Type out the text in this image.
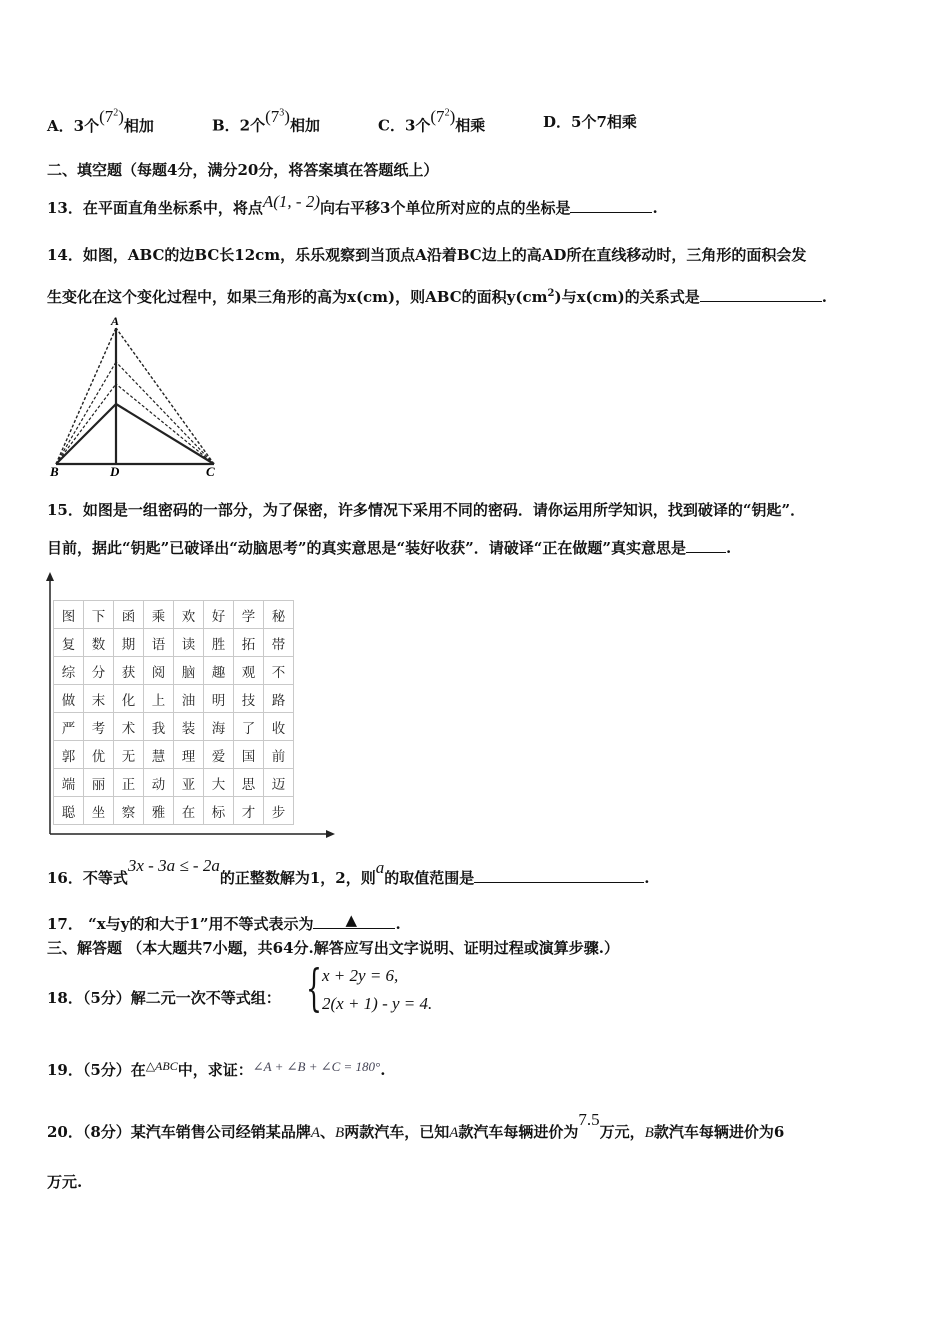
A．3个$(7^2)$相加	B．2个$(7^3)$相加	C．3个$(7^2)$相乘	D．5个7相乘
二、填空题（每题4分，满分20分，将答案填在答题纸上）
13．在平面直角坐标系中，将点A(1, - 2)向右平移3个单位所对应的点的坐标是	.
14．如图，ABC的边BC长12cm，乐乐观察到当顶点A沿着BC边上的高AD所在直线移动时，三角形的面积会发
生变化在这个变化过程中，如果三角形的高为x(cm)，则ABC的面积$y(cm^2)$与x(cm)的关系式是	.
A
B	D	C
15．如图是一组密码的一部分，为了保密，许多情况下采用不同的密码．请你运用所学知识，找到破译的“钥匙”．
目前，据此“钥匙”已破译出“动脑思考”的真实意思是“装好收获”．请破译“正在做题”真实意思是	.
图	下	函	乘	欢	好	学	秘
复	数	期	语	读	胜	拓	帯
综	分	获	阅	脑	趣	观	不
做	末	化	上	油	明	技	路
严	考	术	我	装	海	了	收
郭	优	无	慧	理	爱	国	前
端	丽	正	动	亚	大	思	迈
聪	坐	察	雅	在	标	才	步
16．不等式3x - 3a ≤ - 2a的正整数解为1，2，则a的取值范围是	.
17． “x与y的和大于1”用不等式表示为 ▲	.
三、解答题 （本大题共7小题，共64分.解答应写出文字说明、证明过程或演算步骤.）
18．（5分）解二元一次不等式组： { x + 2y = 6,
2(x + 1) - y = 4.
19．（5分）在$^{\triangle ABC}$中，求证：∠A + ∠B + ∠C = 180°.
20．（8分）某汽车销售公司经销某品牌A、B两款汽车，已知A款汽车每辆进价为7.5万元，B款汽车每辆进价为6
万元.
